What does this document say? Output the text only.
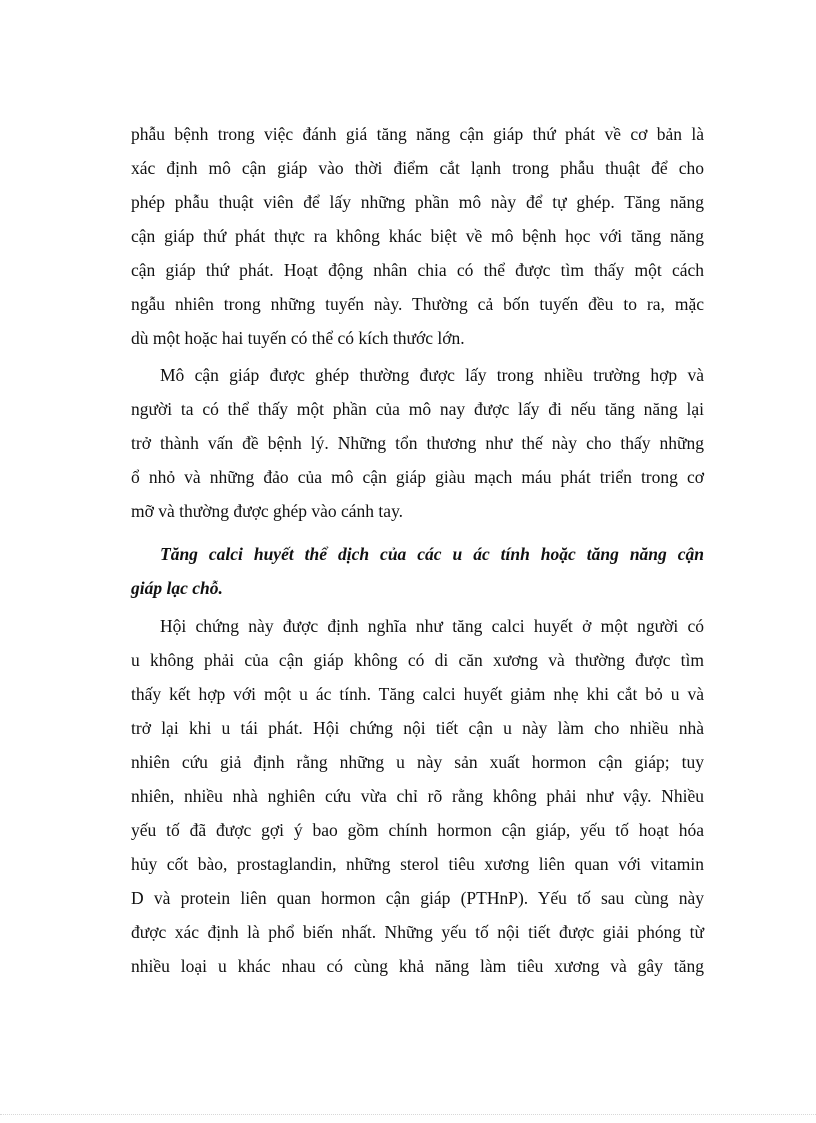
phẫu bệnh trong việc đánh giá tăng năng cận giáp thứ phát về cơ bản là
xác định mô cận giáp vào thời điểm cắt lạnh trong phẫu thuật để cho
phép phẫu thuật viên để lấy những phần mô này để tự ghép. Tăng năng
cận giáp thứ phát thực ra không khác biệt về mô bệnh học với tăng năng
cận giáp thứ phát. Hoạt động nhân chia có thể được tìm thấy một cách
ngẫu nhiên trong những tuyến này. Thường cả bốn tuyến đều to ra, mặc
dù một hoặc hai tuyến có thể có kích thước lớn.
Mô cận giáp được ghép thường được lấy trong nhiều trường hợp và
người ta có thể thấy một phần của mô nay được lấy đi nếu tăng năng lại
trở thành vấn đề bệnh lý. Những tổn thương như thế này cho thấy những
ổ nhỏ và những đảo của mô cận giáp giàu mạch máu phát triển trong cơ
mỡ và thường được ghép vào cánh tay.
Tăng calci huyết thể dịch của các u ác tính hoặc tăng năng cận
giáp lạc chỗ.
Hội chứng này được định nghĩa như tăng calci huyết ở một người có
u không phải của cận giáp không có di căn xương và thường được tìm
thấy kết hợp với một u ác tính. Tăng calci huyết giảm nhẹ khi cắt bỏ u và
trở lại khi u tái phát. Hội chứng nội tiết cận u này làm cho nhiều nhà
nhiên cứu giả định rằng những u này sản xuất hormon cận giáp; tuy
nhiên, nhiều nhà nghiên cứu vừa chỉ rõ rằng không phải như vậy. Nhiều
yếu tố đã được gợi ý bao gồm chính hormon cận giáp, yếu tố hoạt hóa
hủy cốt bào, prostaglandin, những sterol tiêu xương liên quan với vitamin
D và protein liên quan hormon cận giáp (PTHnP). Yếu tố sau cùng này
được xác định là phổ biến nhất. Những yếu tố nội tiết được giải phóng từ
nhiều loại u khác nhau có cùng khả năng làm tiêu xương và gây tăng
